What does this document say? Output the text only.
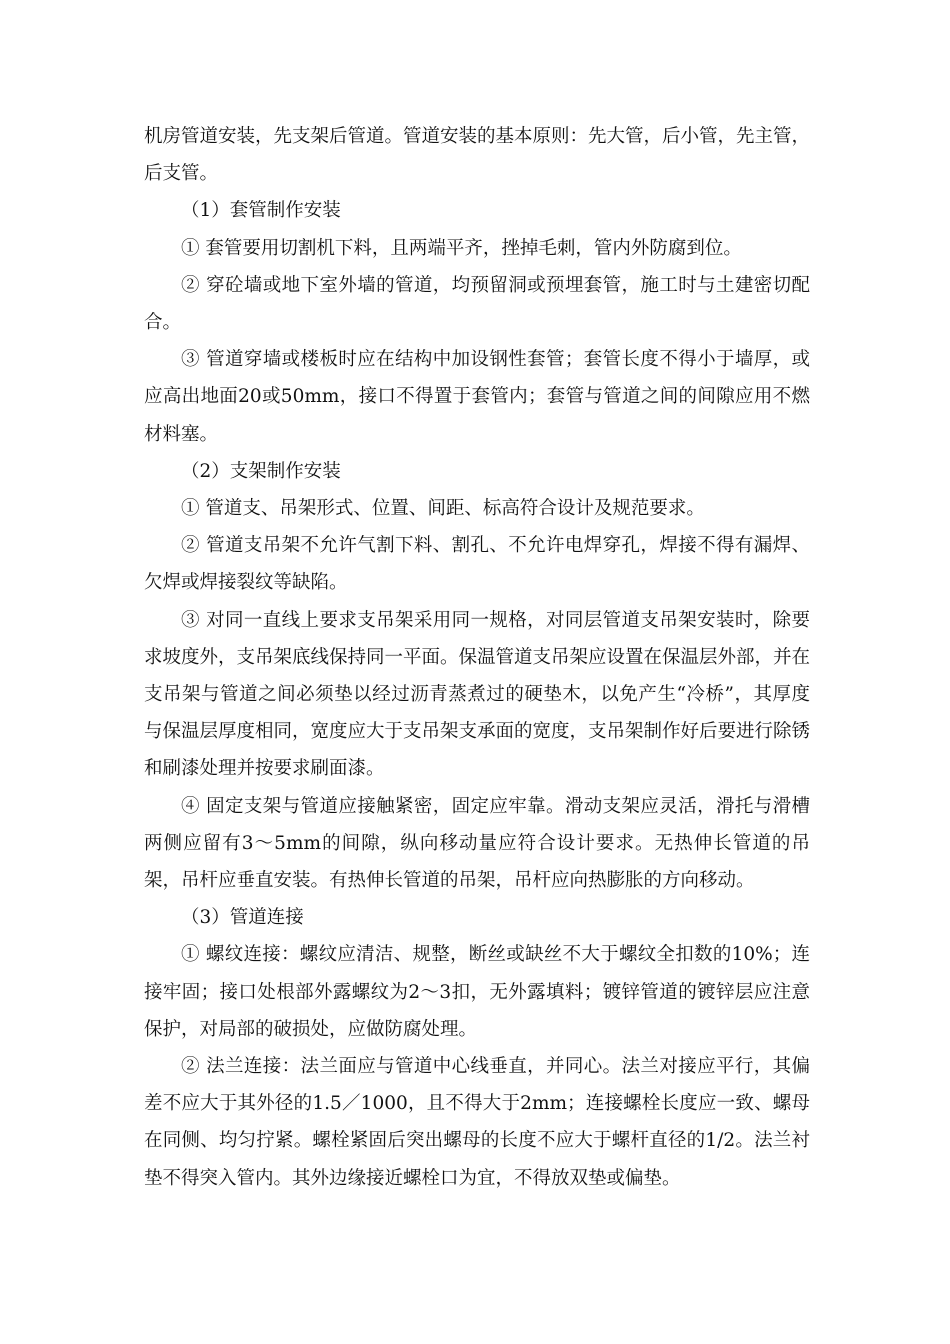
机房管道安装，先支架后管道。管道安装的基本原则：先大管，后小管，先主管，后支管。

（1）套管制作安装

① 套管要用切割机下料，且两端平齐，挫掉毛刺，管内外防腐到位。

② 穿砼墙或地下室外墙的管道，均预留洞或预埋套管，施工时与土建密切配合。

③ 管道穿墙或楼板时应在结构中加设钢性套管；套管长度不得小于墙厚，或应高出地面20或50mm，接口不得置于套管内；套管与管道之间的间隙应用不燃材料塞。

（2）支架制作安装

① 管道支、吊架形式、位置、间距、标高符合设计及规范要求。

② 管道支吊架不允许气割下料、割孔、不允许电焊穿孔，焊接不得有漏焊、欠焊或焊接裂纹等缺陷。

③ 对同一直线上要求支吊架采用同一规格，对同层管道支吊架安装时，除要求坡度外，支吊架底线保持同一平面。保温管道支吊架应设置在保温层外部，并在支吊架与管道之间必须垫以经过沥青蒸煮过的硬垫木，以免产生“冷桥”，其厚度与保温层厚度相同，宽度应大于支吊架支承面的宽度，支吊架制作好后要进行除锈和刷漆处理并按要求刷面漆。

④ 固定支架与管道应接触紧密，固定应牢靠。滑动支架应灵活，滑托与滑槽两侧应留有3～5mm的间隙，纵向移动量应符合设计要求。无热伸长管道的吊架，吊杆应垂直安装。有热伸长管道的吊架，吊杆应向热膨胀的方向移动。

（3）管道连接

① 螺纹连接：螺纹应清洁、规整，断丝或缺丝不大于螺纹全扣数的10%；连接牢固；接口处根部外露螺纹为2～3扣，无外露填料；镀锌管道的镀锌层应注意保护，对局部的破损处，应做防腐处理。

② 法兰连接：法兰面应与管道中心线垂直，并同心。法兰对接应平行，其偏差不应大于其外径的1.5／1000，且不得大于2mm；连接螺栓长度应一致、螺母在同侧、均匀拧紧。螺栓紧固后突出螺母的长度不应大于螺杆直径的1/2。法兰衬垫不得突入管内。其外边缘接近螺栓口为宜，不得放双垫或偏垫。
